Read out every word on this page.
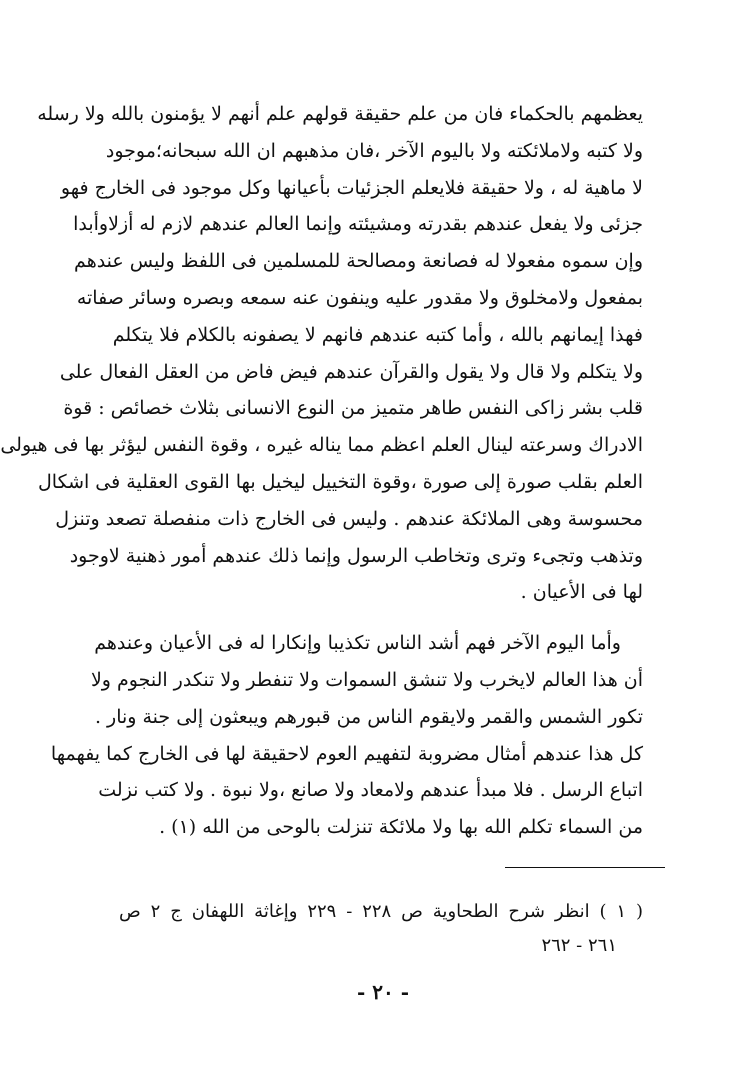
يعظمهم بالحكماء فان من علم حقيقة قولهم علم أنهم لا يؤمنون بالله ولا رسله
ولا كتبه ولاملائكته ولا باليوم الآخر ،فان مذهبهم ان الله سبحانه؛موجود
لا ماهية له ، ولا حقيقة فلايعلم الجزئيات بأعيانها وكل موجود فى الخارج فهو
جزئى ولا يفعل عندهم بقدرته ومشيئته وإنما العالم عندهم لازم له أزلاوأبدا
وإن سموه مفعولا له فصانعة ومصالحة للمسلمين فى اللفظ وليس عندهم
بمفعول ولامخلوق ولا مقدور عليه وينفون عنه سمعه وبصره وسائر صفاته
فهذا إيمانهم بالله ، وأما كتبه عندهم فانهم لا يصفونه بالكلام فلا يتكلم
ولا يتكلم ولا قال ولا يقول والقرآن عندهم فيض فاض من العقل الفعال على
قلب بشر زاكى النفس طاهر متميز من النوع الانسانى بثلاث خصائص : قوة
الادراك وسرعته لينال العلم اعظم مما يناله غيره ، وقوة النفس ليؤثر بها فى هيولى
العلم بقلب صورة إلى صورة ،وقوة التخييل ليخيل بها القوى العقلية فى اشكال
محسوسة وهى الملائكة عندهم . وليس فى الخارج ذات منفصلة تصعد وتنزل
وتذهب وتجىء وترى وتخاطب الرسول وإنما ذلك عندهم أمور ذهنية لاوجود
لها فى الأعيان .
وأما اليوم الآخر فهم أشد الناس تكذيبا وإنكارا له فى الأعيان وعندهم
أن هذا العالم لايخرب ولا تنشق السموات ولا تنفطر ولا تنكدر النجوم ولا
تكور الشمس والقمر ولايقوم الناس من قبورهم ويبعثون إلى جنة ونار .
كل هذا عندهم أمثال مضروبة لتفهيم العوم لاحقيقة لها فى الخارج كما يفهمها
اتباع الرسل . فلا مبدأ عندهم ولامعاد ولا صانع ،ولا نبوة . ولا كتب نزلت
من السماء تكلم الله بها ولا ملائكة تنزلت بالوحى من الله (١) .
( ١ ) انظر شرح الطحاوية ص ٢٢٨ - ٢٢٩ وإغاثة اللهفان ج ٢ ص
٢٦١ - ٢٦٢
- ٢٠ -
